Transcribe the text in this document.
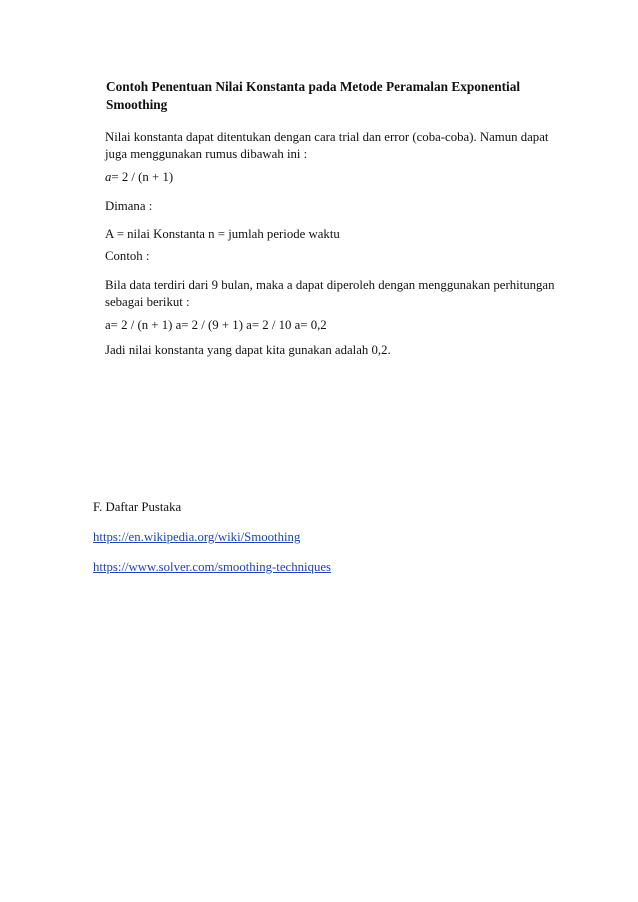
Contoh Penentuan Nilai Konstanta pada Metode Peramalan Exponential
Smoothing

Nilai konstanta dapat ditentukan dengan cara trial dan error (coba-coba). Namun dapat
juga menggunakan rumus dibawah ini :

a= 2 / (n + 1)

Dimana :

A = nilai Konstanta n = jumlah periode waktu

Contoh :

Bila data terdiri dari 9 bulan, maka a dapat diperoleh dengan menggunakan perhitungan
sebagai berikut :

a= 2 / (n + 1) a= 2 / (9 + 1) a= 2 / 10 a= 0,2

Jadi nilai konstanta yang dapat kita gunakan adalah 0,2.

F. Daftar Pustaka

https://en.wikipedia.org/wiki/Smoothing
https://www.solver.com/smoothing-techniques
